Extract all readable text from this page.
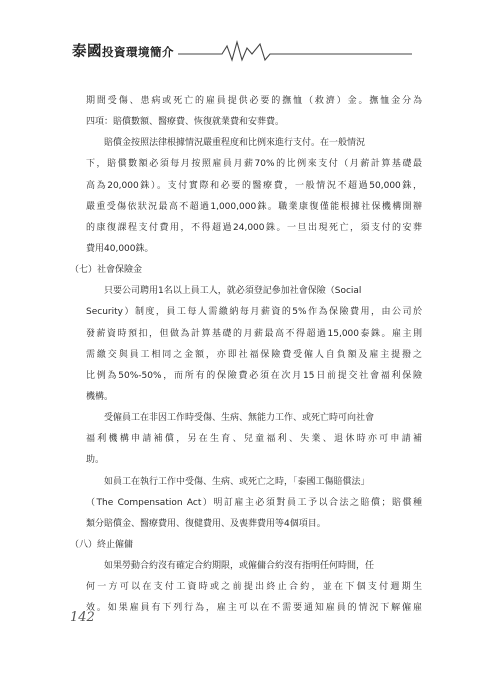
泰國投資環境簡介
期間受傷、患病或死亡的雇員提供必要的撫恤（救濟）金。撫恤金分為
四項：賠償數額、醫療費、恢復就業費和安葬費。
賠償金按照法律根據情況嚴重程度和比例來進行支付。在一般情況
下，賠償數額必須每月按照雇員月薪70%的比例來支付（月薪計算基礎最
高為20,000銖）。支付實際和必要的醫療費，一般情況不超過50,000銖，
嚴重受傷依狀況最高不超過1,000,000銖。職業康復僅能根據社保機構開辦
的康復課程支付費用，不得超過24,000銖。一旦出現死亡，須支付的安葬
費用40,000銖。
（七）社會保險金
只要公司聘用1名以上員工人，就必須登記參加社會保險（Social
Security）制度，員工每人需繳納每月薪資的5%作為保險費用，由公司於
發薪資時預扣，但做為計算基礎的月薪最高不得超過15,000泰銖。雇主則
需繳交與員工相同之金額，亦即社福保險費受僱人自負額及雇主提撥之
比例為50%-50%，而所有的保險費必須在次月15日前提交社會福利保險
機構。
受僱員工在非因工作時受傷、生病、無能力工作、或死亡時可向社會
福利機構申請補償，另在生育、兒童福利、失業、退休時亦可申請補
助。
如員工在執行工作中受傷、生病、或死亡之時，「泰國工傷賠償法」
（The Compensation Act）明訂雇主必須對員工予以合法之賠償；賠償種
類分賠償金、醫療費用、復健費用、及喪葬費用等4個項目。
（八）終止僱傭
如果勞動合約沒有確定合約期限，或僱傭合約沒有指明任何時間，任
何一方可以在支付工資時或之前提出終止合約，並在下個支付週期生
效。如果雇員有下列行為，雇主可以在不需要通知雇員的情況下解僱雇
142
